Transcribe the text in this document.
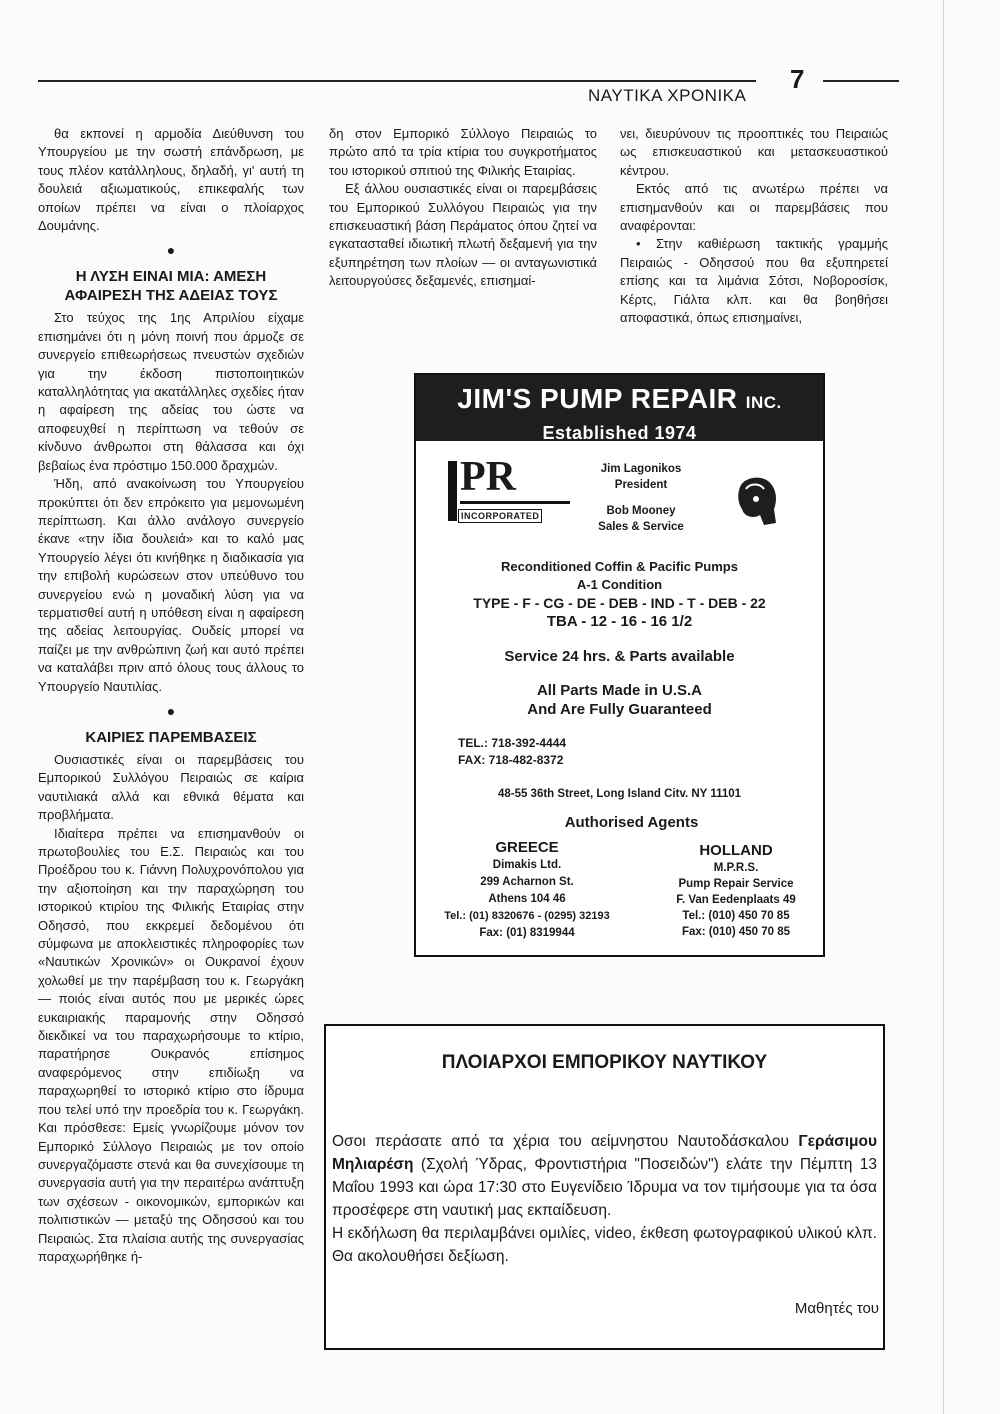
ΝΑΥΤΙΚΑ ΧΡΟΝΙΚΑ
7

θα εκπονεί η αρμοδία Διεύθυνση του Υπουργείου με την σωστή επάνδρωση, με τους πλέον κατάλληλους, δηλαδή, γι' αυτή τη δουλειά αξιωματικούς, επικεφαλής των οποίων πρέπει να είναι ο πλοίαρχος Δουμάνης.

●
Η ΛΥΣΗ ΕΙΝΑΙ ΜΙΑ: ΑΜΕΣΗ ΑΦΑΙΡΕΣΗ ΤΗΣ ΑΔΕΙΑΣ ΤΟΥΣ

Στο τεύχος της 1ης Απριλίου είχαμε επισημάνει ότι η μόνη ποινή που άρμοζε σε συνεργείο επιθεωρήσεως πνευστών σχεδιών για την έκδοση πιστοποιητικών καταλληλότητας για ακατάλληλες σχεδίες ήταν η αφαίρεση της αδείας του ώστε να αποφευχθεί η περίπτωση να τεθούν σε κίνδυνο άνθρωποι στη θάλασσα και όχι βεβαίως ένα πρόστιμο 150.000 δραχμών.

Ήδη, από ανακοίνωση του Υπουργείου προκύπτει ότι δεν επρόκειτο για μεμονωμένη περίπτωση. Και άλλο ανάλογο συνεργείο έκανε «την ίδια δουλειά» και το καλό μας Υπουργείο λέγει ότι κινήθηκε η διαδικασία για την επιβολή κυρώσεων στον υπεύθυνο του συνεργείου ενώ η μοναδική λύση για να τερματισθεί αυτή η υπόθεση είναι η αφαίρεση της αδείας λειτουργίας. Ουδείς μπορεί να παίζει με την ανθρώπινη ζωή και αυτό πρέπει να καταλάβει πριν από όλους τους άλλους το Υπουργείο Ναυτιλίας.

●
ΚΑΙΡΙΕΣ ΠΑΡΕΜΒΑΣΕΙΣ

Ουσιαστικές είναι οι παρεμβάσεις του Εμπορικού Συλλόγου Πειραιώς σε καίρια ναυτιλιακά αλλά και εθνικά θέματα και προβλήματα.

Ιδιαίτερα πρέπει να επισημανθούν οι πρωτοβουλίες του Ε.Σ. Πειραιώς και του Προέδρου του κ. Γιάννη Πολυχρονόπολου για την αξιοποίηση και την παραχώρηση του ιστορικού κτιρίου της Φιλικής Εταιρίας στην Οδησσό, που εκκρεμεί δεδομένου ότι σύμφωνα με αποκλειστικές πληροφορίες των «Ναυτικών Χρονικών» οι Ουκρανοί έχουν χολωθεί με την παρέμβαση του κ. Γεωργάκη — ποιός είναι αυτός που με μερικές ώρες ευκαιριακής παραμονής στην Οδησσό διεκδικεί να του παραχωρήσουμε το κτίριο, παρατήρησε Ουκρανός επίσημος αναφερόμενος στην επιδίωξη να παραχωρηθεί το ιστορικό κτίριο στο ίδρυμα που τελεί υπό την προεδρία του κ. Γεωργάκη. Και πρόσθεσε: Εμείς γνωρίζουμε μόνον τον Εμπορικό Σύλλογο Πειραιώς με τον οποίο συνεργαζόμαστε στενά και θα συνεχίσουμε τη συνεργασία αυτή για την περαιτέρω ανάπτυξη των σχέσεων - οικονομικών, εμπορικών και πολιτιστικών — μεταξύ της Οδησσού και του Πειραιώς. Στα πλαίσια αυτής της συνεργασίας παραχωρήθηκε ή-

δη στον Εμπορικό Σύλλογο Πειραιώς το πρώτο από τα τρία κτίρια του συγκροτήματος του ιστορικού σπιτιού της Φιλικής Εταιρίας.

Εξ άλλου ουσιαστικές είναι οι παρεμβάσεις του Εμπορικού Συλλόγου Πειραιώς για την επισκευαστική βάση Περάματος όπου ζητεί να εγκατασταθεί ιδιωτική πλωτή δεξαμενή για την εξυπηρέτηση των πλοίων — οι ανταγωνιστικά λειτουργούσες δεξαμενές, επισημαί-

νει, διευρύνουν τις προοπτικές του Πειραιώς ως επισκευαστικού και μετασκευαστικού κέντρου.

Εκτός από τις ανωτέρω πρέπει να επισημανθούν και οι παρεμβάσεις που αναφέρονται:

• Στην καθιέρωση τακτικής γραμμής Πειραιώς - Οδησσού που θα εξυπηρετεί επίσης και τα λιμάνια Σότσι, Νοβοροσίσκ, Κέρτς, Γιάλτα κλπ. και θα βοηθήσει αποφαστικά, όπως επισημαίνει,

JIM'S PUMP REPAIR INC.
Established 1974
PR
INCORPORATED
Jim Lagonikos
President
Bob Mooney
Sales & Service
Reconditioned Coffin & Pacific Pumps
A-1 Condition
TYPE - F - CG - DE - DEB - IND - T - DEB - 22
TBA - 12 - 16 - 16 1/2
Service 24 hrs. & Parts available
All Parts Made in U.S.A
And Are Fully Guaranteed
TEL.: 718-392-4444
FAX: 718-482-8372
48-55 36th Street, Long Island Citv. NY 11101
Authorised Agents
GREECE
Dimakis Ltd.
299 Acharnon St.
Athens 104 46
Tel.: (01) 8320676 - (0295) 32193
Fax: (01) 8319944
HOLLAND
M.P.R.S.
Pump Repair Service
F. Van Eedenplaats 49
Tel.: (010) 450 70 85
Fax: (010) 450 70 85
ΠΛΟΙΑΡΧΟΙ ΕΜΠΟΡΙΚΟΥ ΝΑΥΤΙΚΟΥ

Οσοι περάσατε από τα χέρια του αείμνηστου Ναυτοδάσκαλου Γεράσιμου Μηλιαρέση (Σχολή Ύδρας, Φροντιστήρια "Ποσειδών") ελάτε την Πέμπτη 13 Μαΐου 1993 και ώρα 17:30 στο Ευγενίδειο Ίδρυμα να τον τιμήσουμε για τα όσα προσέφερε στη ναυτική μας εκπαίδευση.

Η εκδήλωση θα περιλαμβάνει ομιλίες, video, έκθεση φωτογραφικού υλικού κλπ. Θα ακολουθήσει δεξίωση.

Μαθητές του
